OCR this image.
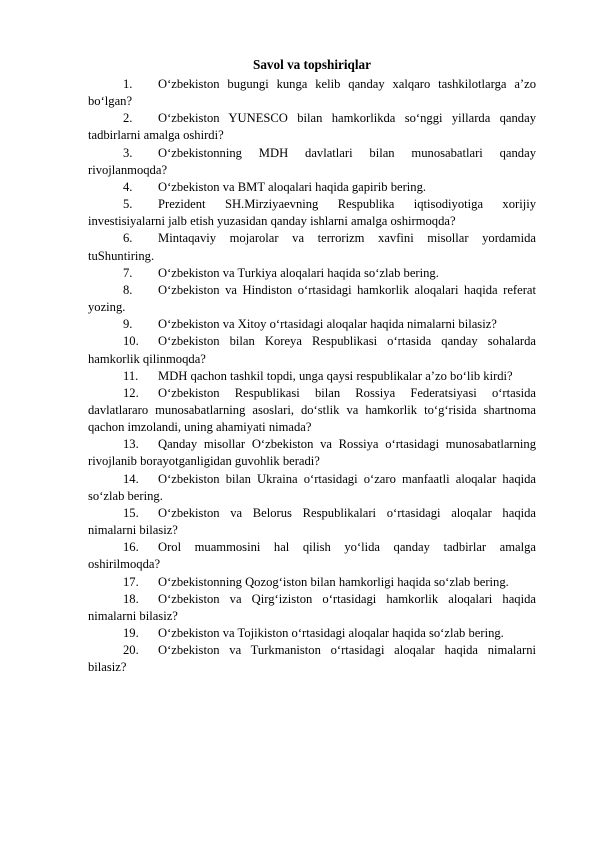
Savol va topshiriqlar

1. O‘zbekiston bugungi kunga kelib qanday xalqaro tashkilotlarga a’zo bo‘lgan?
2. O‘zbekiston YUNESCO bilan hamkorlikda so‘nggi yillarda qanday tadbirlarni amalga oshirdi?
3. O‘zbekistonning MDH davlatlari bilan munosabatlari qanday rivojlanmoqda?
4. O‘zbekiston va BMT aloqalari haqida gapirib bering.
5. Prezident SH.Mirziyaevning Respublika iqtisodiyotiga xorijiy investisiyalarni jalb etish yuzasidan qanday ishlarni amalga oshirmoqda?
6. Mintaqaviy mojarolar va terrorizm xavfini misollar yordamida tuShuntiring.
7. O‘zbekiston va Turkiya aloqalari haqida so‘zlab bering.
8. O‘zbekiston va Hindiston o‘rtasidagi hamkorlik aloqalari haqida referat yozing.
9. O‘zbekiston va Xitoy o‘rtasidagi aloqalar haqida nimalarni bilasiz?
10. O‘zbekiston bilan Koreya Respublikasi o‘rtasida qanday sohalarda hamkorlik qilinmoqda?
11. MDH qachon tashkil topdi, unga qaysi respublikalar a’zo bo‘lib kirdi?
12. O‘zbekiston Respublikasi bilan Rossiya Federatsiyasi o‘rtasida davlatlararo munosabatlarning asoslari, do‘stlik va hamkorlik to‘g‘risida shartnoma qachon imzolandi, uning ahamiyati nimada?
13. Qanday misollar O‘zbekiston va Rossiya o‘rtasidagi munosabatlarning rivojlanib borayotganligidan guvohlik beradi?
14. O‘zbekiston bilan Ukraina o‘rtasidagi o‘zaro manfaatli aloqalar haqida so‘zlab bering.
15. O‘zbekiston va Belorus Respublikalari o‘rtasidagi aloqalar haqida nimalarni bilasiz?
16. Orol muammosini hal qilish yo‘lida qanday tadbirlar amalga oshirilmoqda?
17. O‘zbekistonning Qozog‘iston bilan hamkorligi haqida so‘zlab bering.
18. O‘zbekiston va Qirg‘iziston o‘rtasidagi hamkorlik aloqalari haqida nimalarni bilasiz?
19. O‘zbekiston va Tojikiston o‘rtasidagi aloqalar haqida so‘zlab bering.
20. O‘zbekiston va Turkmaniston o‘rtasidagi aloqalar haqida nimalarni bilasiz?
